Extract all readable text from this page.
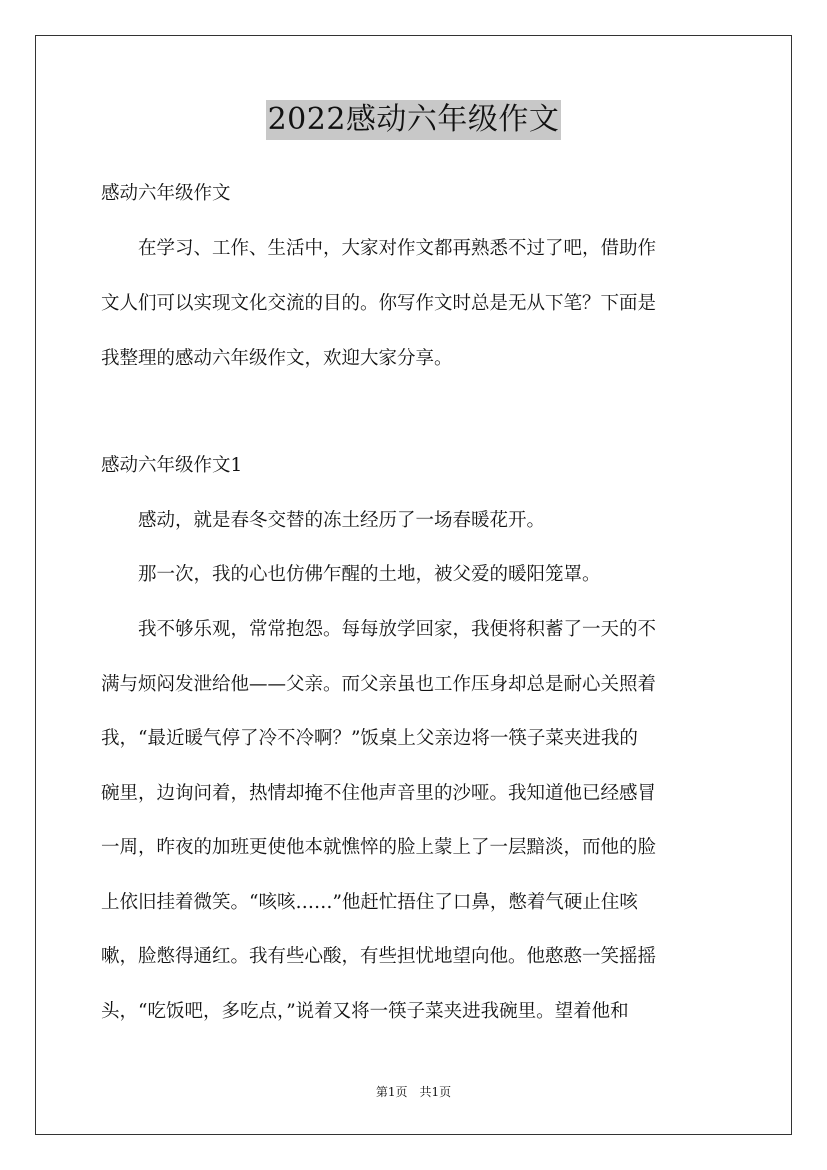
2022感动六年级作文
感动六年级作文
　　在学习、工作、生活中，大家对作文都再熟悉不过了吧，借助作
文人们可以实现文化交流的目的。你写作文时总是无从下笔？下面是
我整理的感动六年级作文，欢迎大家分享。
感动六年级作文1
　　感动，就是春冬交替的冻土经历了一场春暖花开。
　　那一次，我的心也仿佛乍醒的土地，被父爱的暖阳笼罩。
　　我不够乐观，常常抱怨。每每放学回家，我便将积蓄了一天的不
满与烦闷发泄给他——父亲。而父亲虽也工作压身却总是耐心关照着
我，“最近暖气停了冷不冷啊？”饭桌上父亲边将一筷子菜夹进我的
碗里，边询问着，热情却掩不住他声音里的沙哑。我知道他已经感冒
一周，昨夜的加班更使他本就憔悴的脸上蒙上了一层黯淡，而他的脸
上依旧挂着微笑。“咳咳……”他赶忙捂住了口鼻，憋着气硬止住咳
嗽，脸憋得通红。我有些心酸，有些担忧地望向他。他憨憨一笑摇摇
头，“吃饭吧，多吃点，”说着又将一筷子菜夹进我碗里。望着他和
第1页　共1页
